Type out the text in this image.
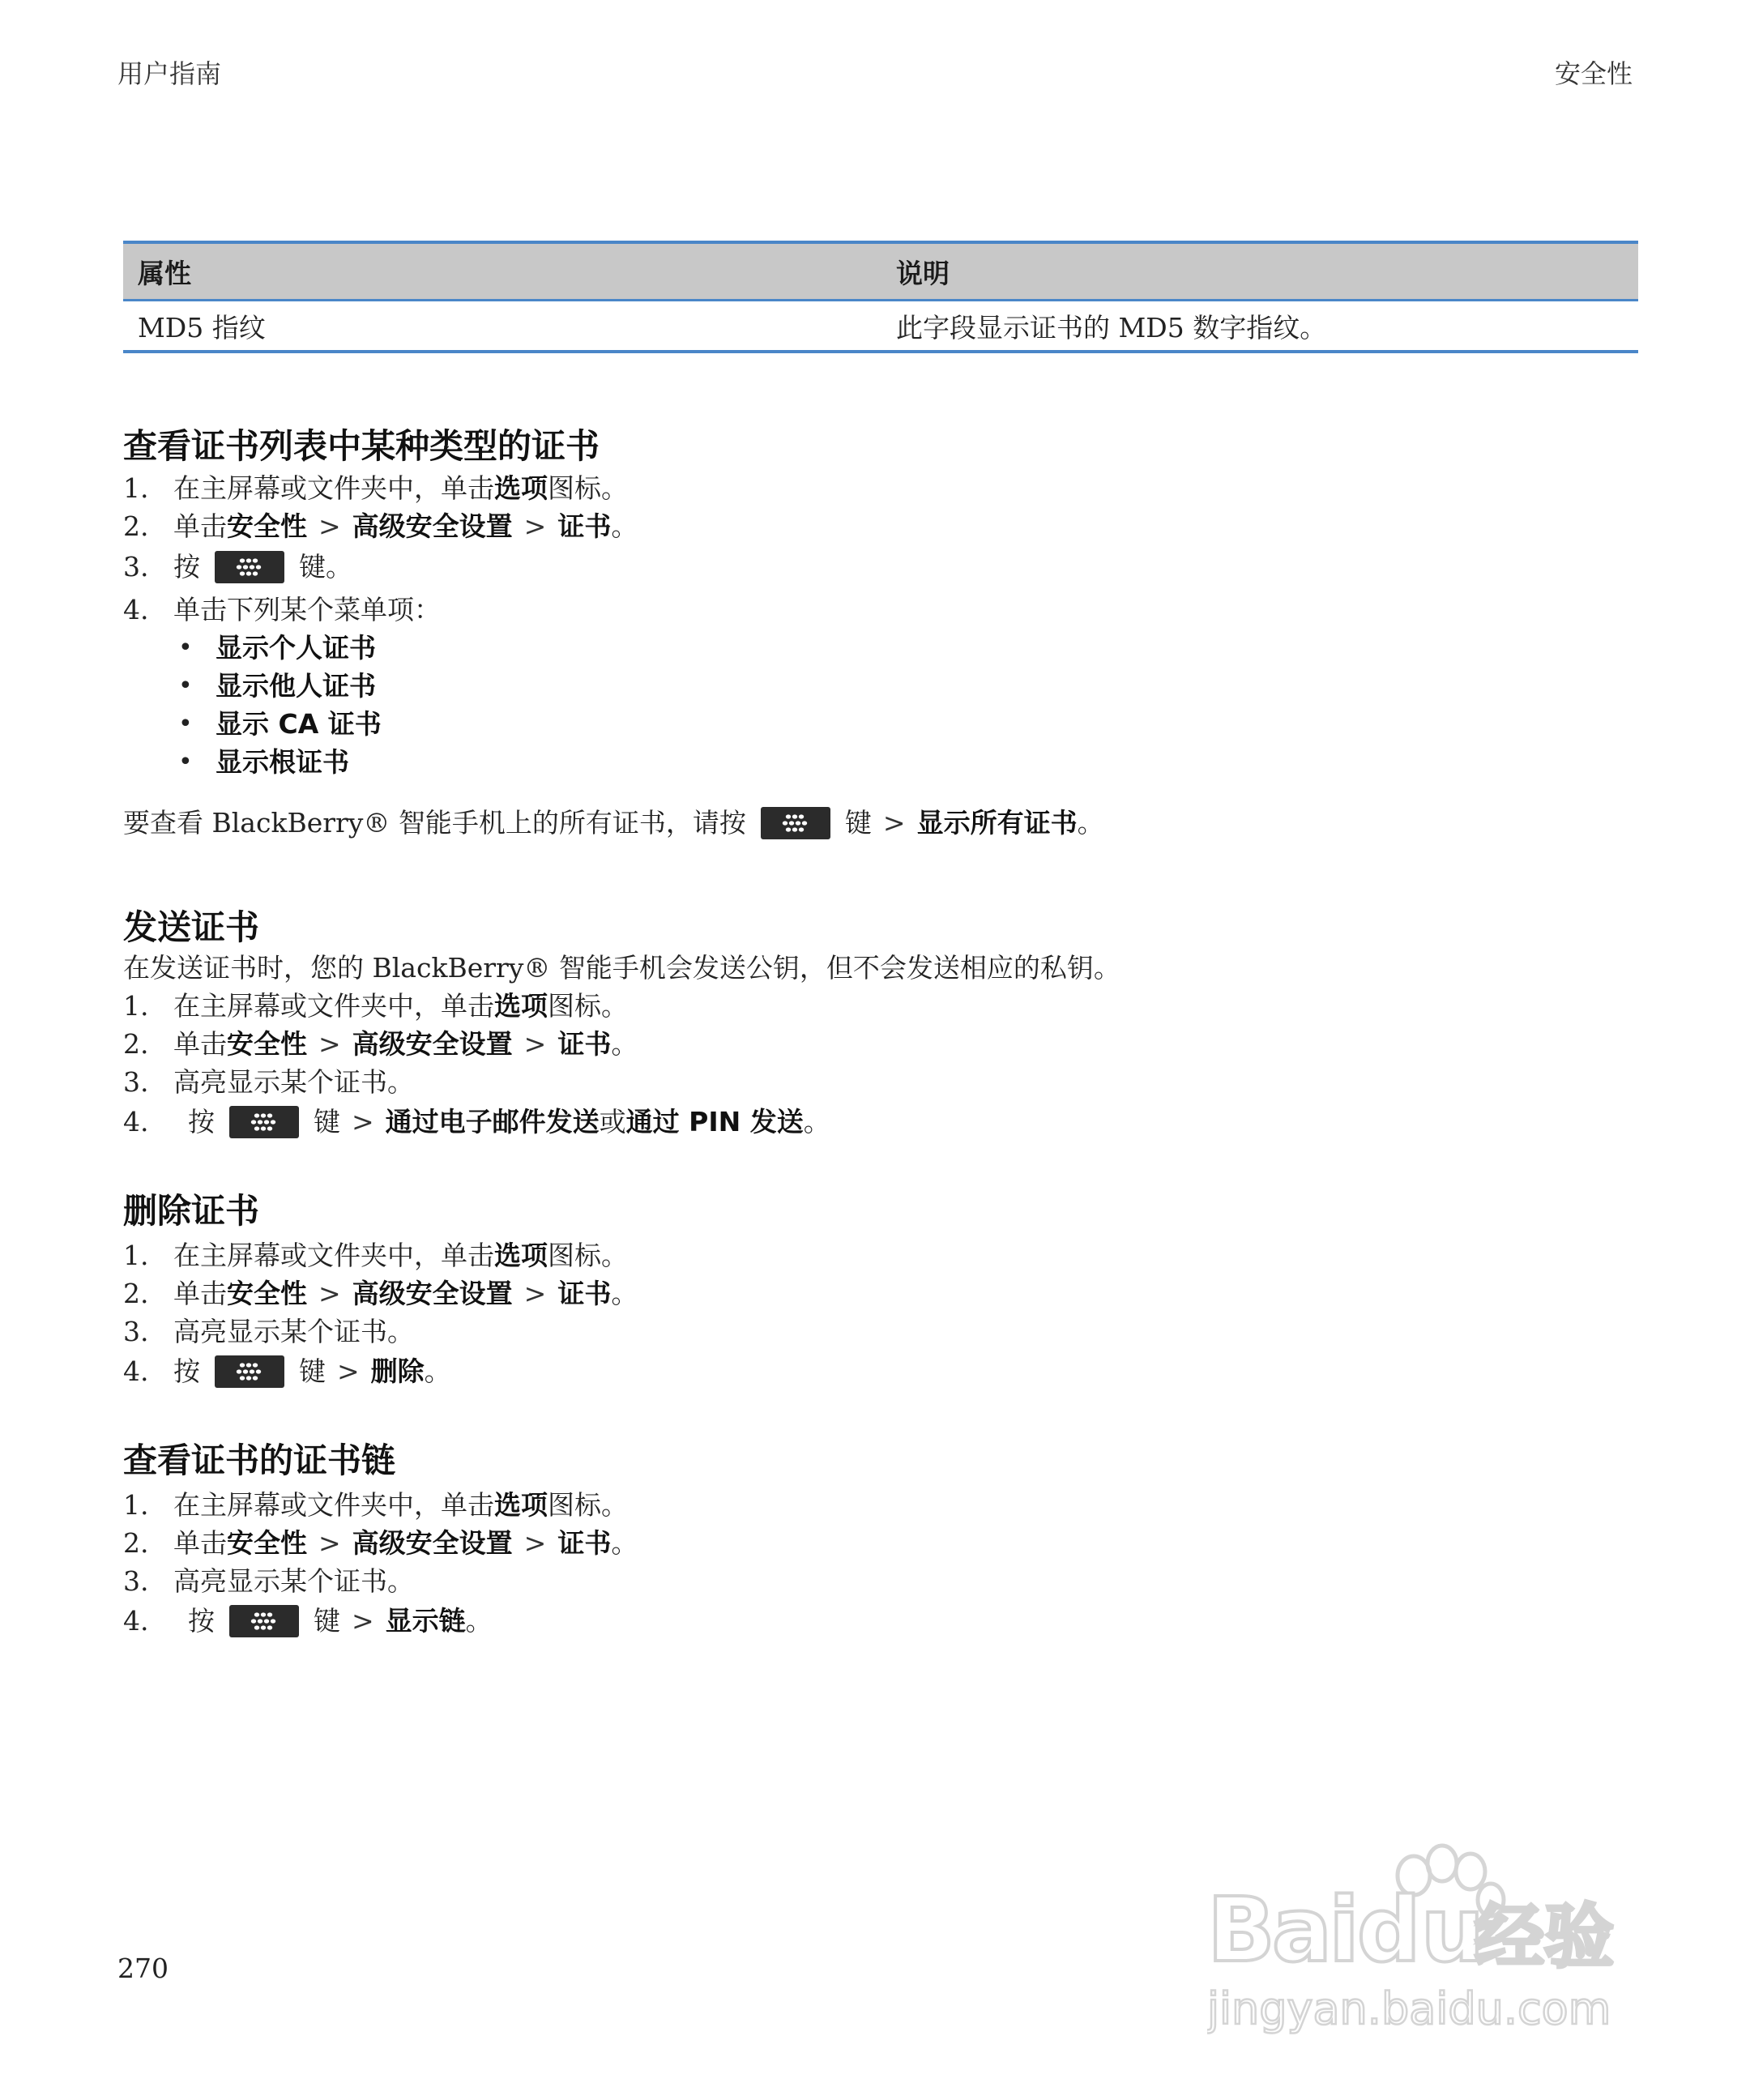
用户指南	安全性
属性	说明
MD5 指纹	此字段显示证书的 MD5 数字指纹。
查看证书列表中某种类型的证书
1. 在主屏幕或文件夹中，单击 选项 图标。
2. 单击 安全性 > 高级安全设置 > 证书 。
3. 按	键。
4. 单击下列某个菜单项：
• 显示个人证书
• 显示他人证书
• 显示 CA 证书
• 显示根证书
要查看 BlackBerry® 智能手机上的所有证书，请按	键 > 显示所有证书 。
发送证书
在发送证书时，您的 BlackBerry® 智能手机会发送公钥，但不会发送相应的私钥。
1. 在主屏幕或文件夹中，单击 选项 图标。
2. 单击 安全性 > 高级安全设置 > 证书 。
3. 高亮显示某个证书。
4.	按	键 > 通过电子邮件发送 或 通过 PIN 发送 。
删除证书
1. 在主屏幕或文件夹中，单击 选项 图标。
2. 单击 安全性 > 高级安全设置 > 证书 。
3. 高亮显示某个证书。
4. 按	键 > 删除 。
查看证书的证书链
1. 在主屏幕或文件夹中，单击 选项 图标。
2. 单击 安全性 > 高级安全设置 > 证书 。
3. 高亮显示某个证书。
4.	按	键 > 显示链 。
270	Bai du
经验
jingyan.baidu.com
